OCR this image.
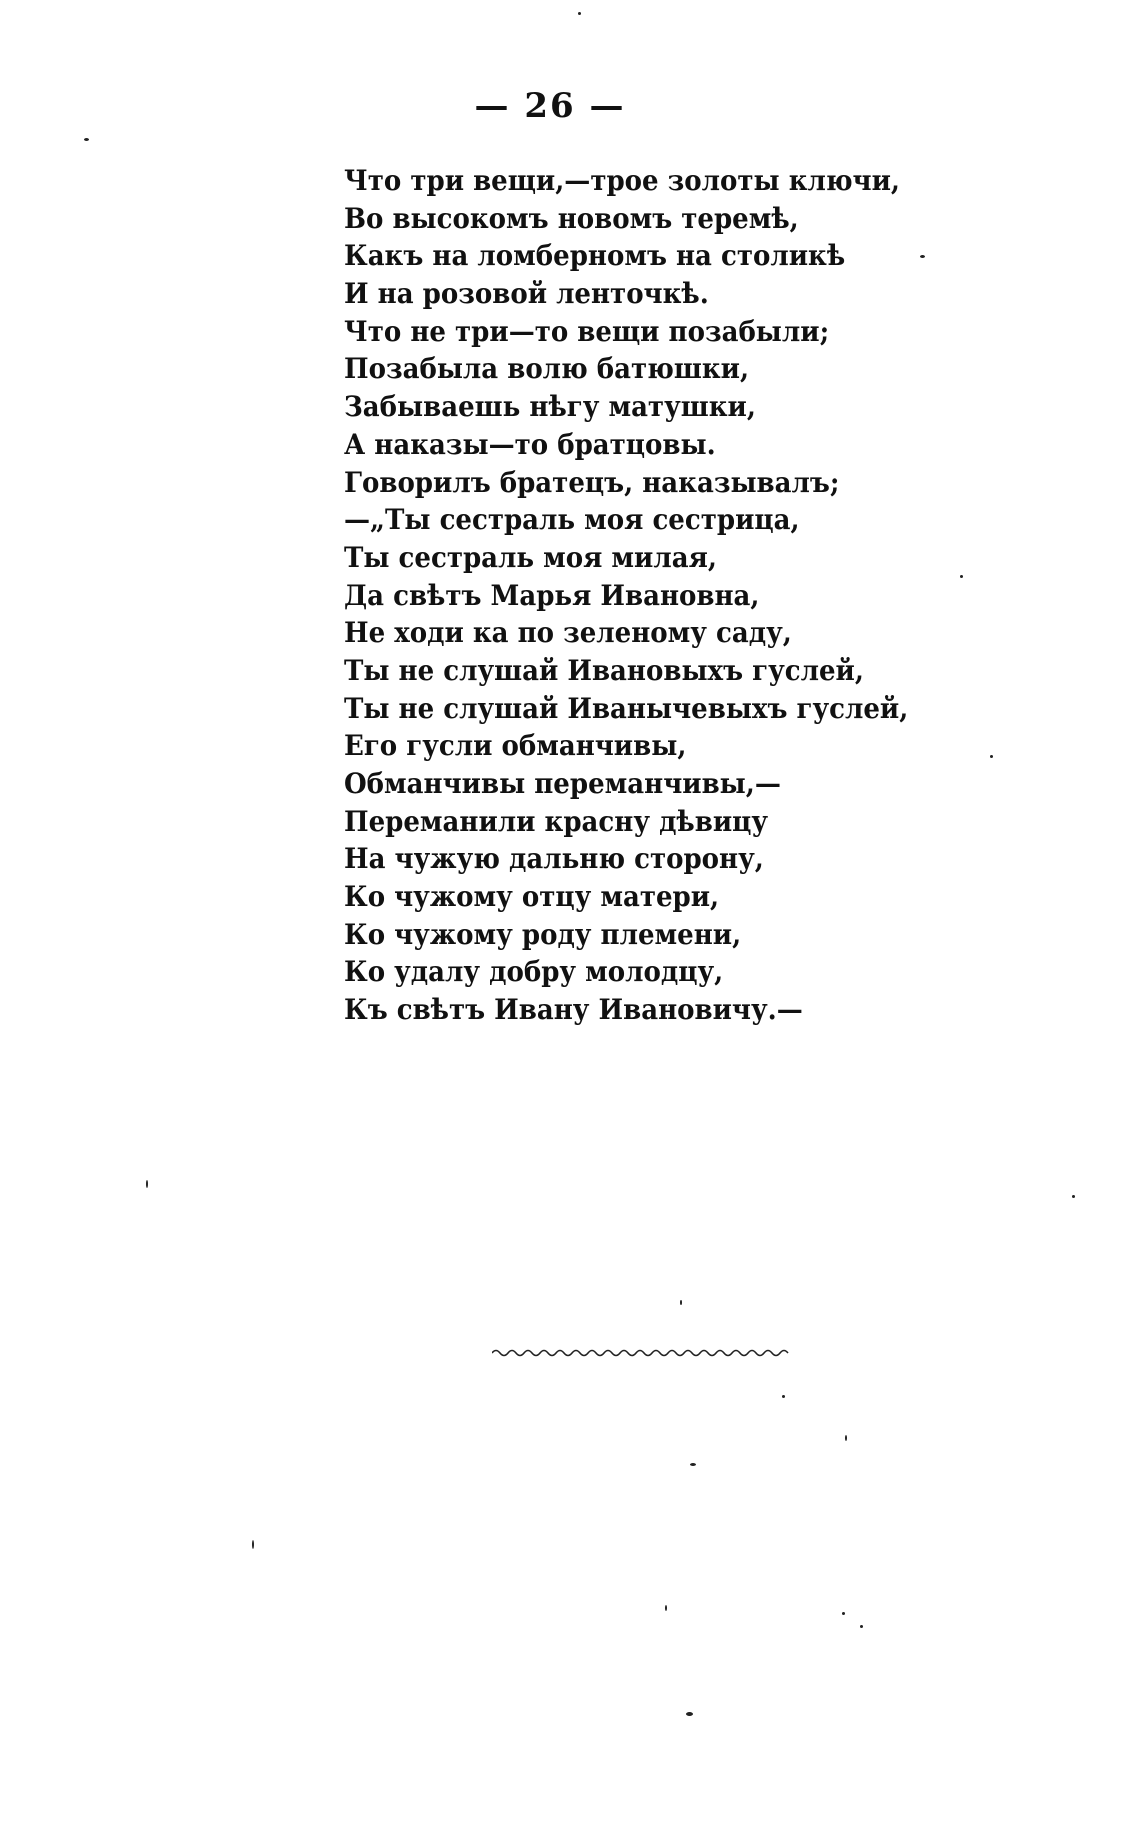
— 26 —

Что три вещи,—трое золоты ключи,
Во высокомъ новомъ теремѣ,
Какъ на ломберномъ на столикѣ
И на розовой ленточкѣ.
Что не три—то вещи позабыли;
Позабыла волю батюшки,
Забываешь нѣгу матушки,
А наказы—то братцовы.
Говорилъ братецъ, наказывалъ;
—„Ты сестраль моя сестрица,
Ты сестраль моя милая,
Да свѣтъ Марья Ивановна,
Не ходи ка по зеленому саду,
Ты не слушай Ивановыхъ гуслей,
Ты не слушай Иванычевыхъ гуслей,
Его гусли обманчивы,
Обманчивы переманчивы,—
Переманили красну дѣвицу
На чужую дальню сторону,
Ко чужому отцу матери,
Ко чужому роду племени,
Ко удалу добру молодцу,
Къ свѣтъ Ивану Ивановичу.—
